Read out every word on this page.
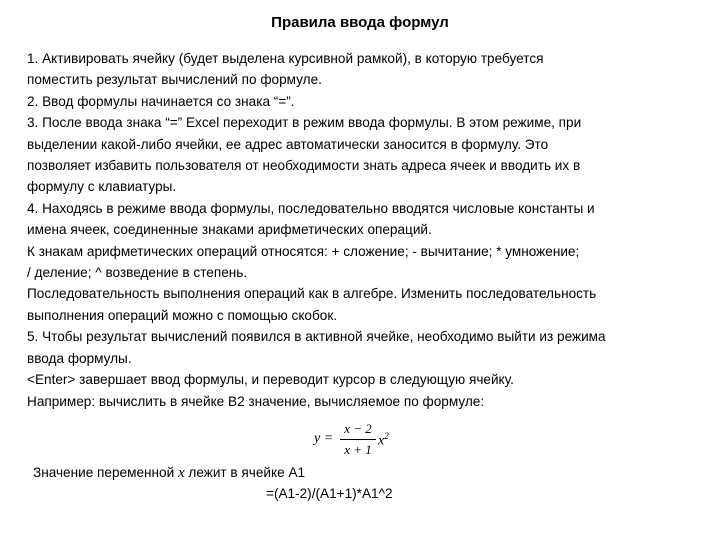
Правила ввода формул
1. Активировать ячейку (будет выделена курсивной рамкой), в которую требуется
поместить результат вычислений по формуле.
2. Ввод формулы начинается со знака “=”.
3. После ввода знака “=” Excel переходит в режим ввода формулы. В этом режиме, при
выделении какой-либо ячейки, ее адрес автоматически заносится в формулу. Это
позволяет избавить пользователя от необходимости знать адреса ячеек и вводить их в
формулу с клавиатуры.
4. Находясь в режиме ввода формулы, последовательно вводятся числовые константы и
имена ячеек, соединенные знаками арифметических операций.
К знакам арифметических операций относятся: + сложение; - вычитание; * умножение;
/ деление; ^ возведение в степень.
Последовательность выполнения операций как в алгебре. Изменить последовательность
выполнения операций можно с помощью скобок.
5. Чтобы результат вычислений появился в активной ячейке, необходимо выйти из режима
ввода формулы.
<Enter> завершает ввод формулы, и переводит курсор в следующую ячейку.
Например: вычислить в ячейке B2 значение, вычисляемое по формуле:
y =
x − 2
x + 1
$x^2$
Значение переменной x лежит в ячейке А1
=(A1-2)/(A1+1)*A1^2
